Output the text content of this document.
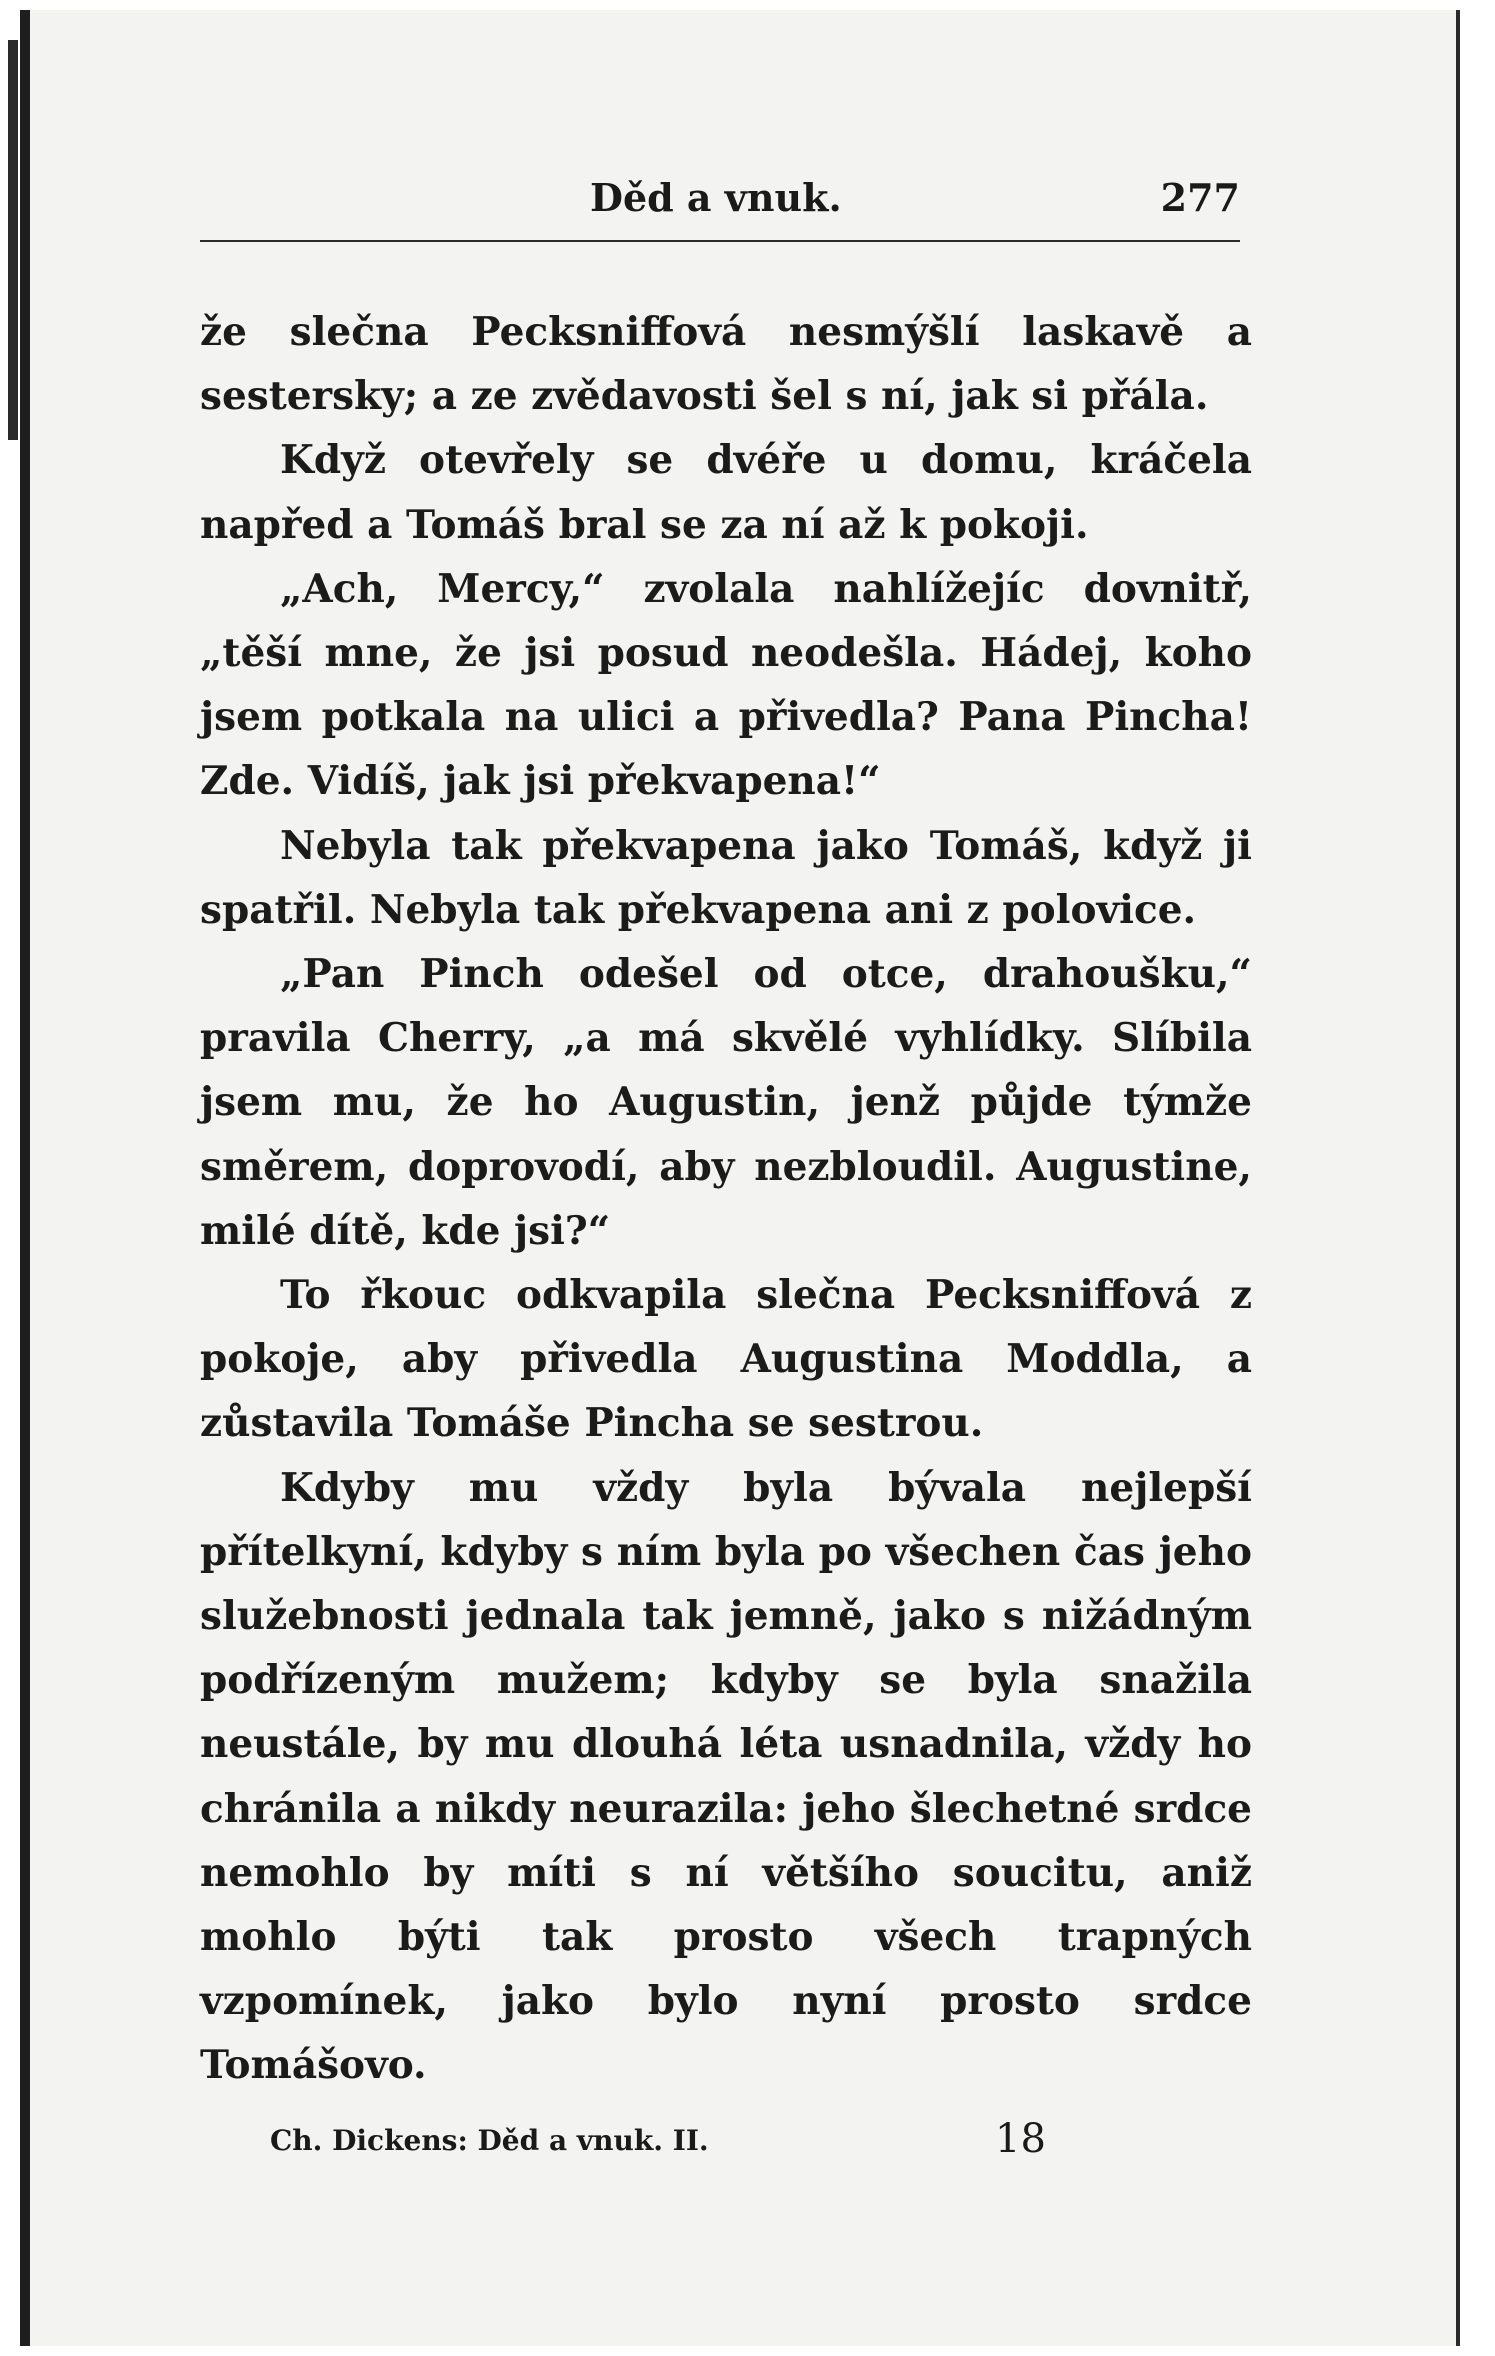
Děd a vnuk.	277

že slečna Pecksniffová nesmýšlí laskavě a sestersky; a ze zvědavosti šel s ní, jak si přála.

Když otevřely se dvéře u domu, kráčela napřed a Tomáš bral se za ní až k pokoji.

„Ach, Mercy,“ zvolala nahlížejíc dovnitř, „těší mne, že jsi posud neodešla. Hádej, koho jsem potkala na ulici a přivedla? Pana Pincha! Zde. Vidíš, jak jsi překvapena!“

Nebyla tak překvapena jako Tomáš, když ji spatřil. Nebyla tak překvapena ani z polovice.

„Pan Pinch odešel od otce, drahoušku,“ pravila Cherry, „a má skvělé vyhlídky. Slíbila jsem mu, že ho Augustin, jenž půjde týmže směrem, doprovodí, aby nezbloudil. Augustine, milé dítě, kde jsi?“

To řkouc odkvapila slečna Pecksniffová z pokoje, aby přivedla Augustina Moddla, a zůstavila Tomáše Pincha se sestrou.

Kdyby mu vždy byla bývala nejlepší přítelkyní, kdyby s ním byla po všechen čas jeho služebnosti jednala tak jemně, jako s nižádným podřízeným mužem; kdyby se byla snažila neustále, by mu dlouhá léta usnadnila, vždy ho chránila a nikdy neurazila: jeho šlechetné srdce nemohlo by míti s ní většího soucitu, aniž mohlo býti tak prosto všech trapných vzpomínek, jako bylo nyní prosto srdce Tomášovo.

Ch. Dickens: Děd a vnuk. II.	18
